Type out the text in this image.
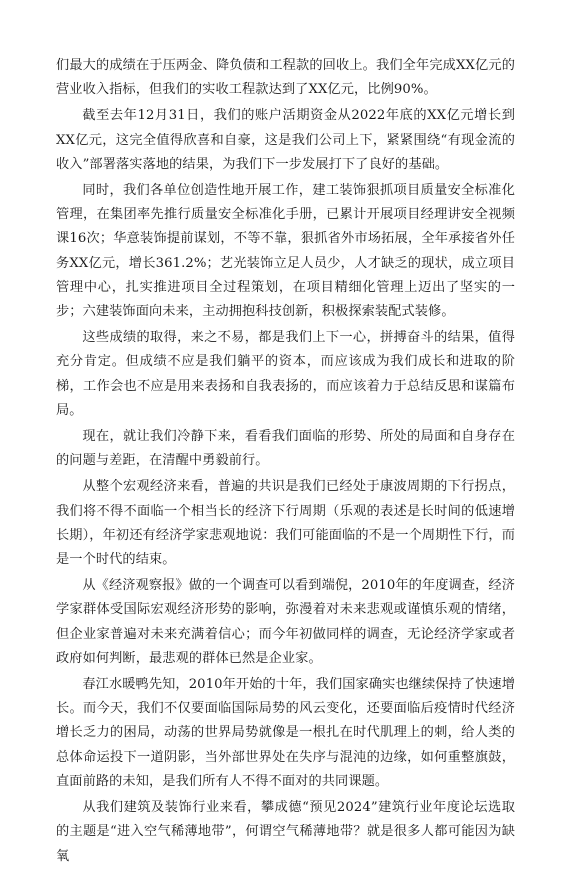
们最大的成绩在于压两金、降负债和工程款的回收上。我们全年完成XX亿元的营业收入指标，但我们的实收工程款达到了XX亿元，比例90%。

截至去年12月31日，我们的账户活期资金从2022年底的XX亿元增长到XX亿元，这完全值得欣喜和自豪，这是我们公司上下，紧紧围绕“有现金流的收入”部署落实落地的结果，为我们下一步发展打下了良好的基础。

同时，我们各单位创造性地开展工作，建工装饰狠抓项目质量安全标准化管理，在集团率先推行质量安全标准化手册，已累计开展项目经理讲安全视频课16次；华意装饰提前谋划，不等不靠，狠抓省外市场拓展，全年承接省外任务XX亿元，增长361.2%；艺光装饰立足人员少，人才缺乏的现状，成立项目管理中心，扎实推进项目全过程策划，在项目精细化管理上迈出了坚实的一步；六建装饰面向未来，主动拥抱科技创新，积极探索装配式装修。

这些成绩的取得，来之不易，都是我们上下一心，拼搏奋斗的结果，值得充分肯定。但成绩不应是我们躺平的资本，而应该成为我们成长和进取的阶梯，工作会也不应是用来表扬和自我表扬的，而应该着力于总结反思和谋篇布局。

现在，就让我们冷静下来，看看我们面临的形势、所处的局面和自身存在的问题与差距，在清醒中勇毅前行。

从整个宏观经济来看，普遍的共识是我们已经处于康波周期的下行拐点，我们将不得不面临一个相当长的经济下行周期（乐观的表述是长时间的低速增长期），年初还有经济学家悲观地说：我们可能面临的不是一个周期性下行，而是一个时代的结束。

从《经济观察报》做的一个调查可以看到端倪，2010年的年度调查，经济学家群体受国际宏观经济形势的影响，弥漫着对未来悲观或谨慎乐观的情绪，但企业家普遍对未来充满着信心；而今年初做同样的调查，无论经济学家或者政府如何判断，最悲观的群体已然是企业家。

春江水暖鸭先知，2010年开始的十年，我们国家确实也继续保持了快速增长。而今天，我们不仅要面临国际局势的风云变化，还要面临后疫情时代经济增长乏力的困局，动荡的世界局势就像是一根扎在时代肌理上的刺，给人类的总体命运投下一道阴影，当外部世界处在失序与混沌的边缘，如何重整旗鼓，直面前路的未知，是我们所有人不得不面对的共同课题。

从我们建筑及装饰行业来看，攀成德“预见2024”建筑行业年度论坛选取的主题是“进入空气稀薄地带”，何谓空气稀薄地带？就是很多人都可能因为缺氧
